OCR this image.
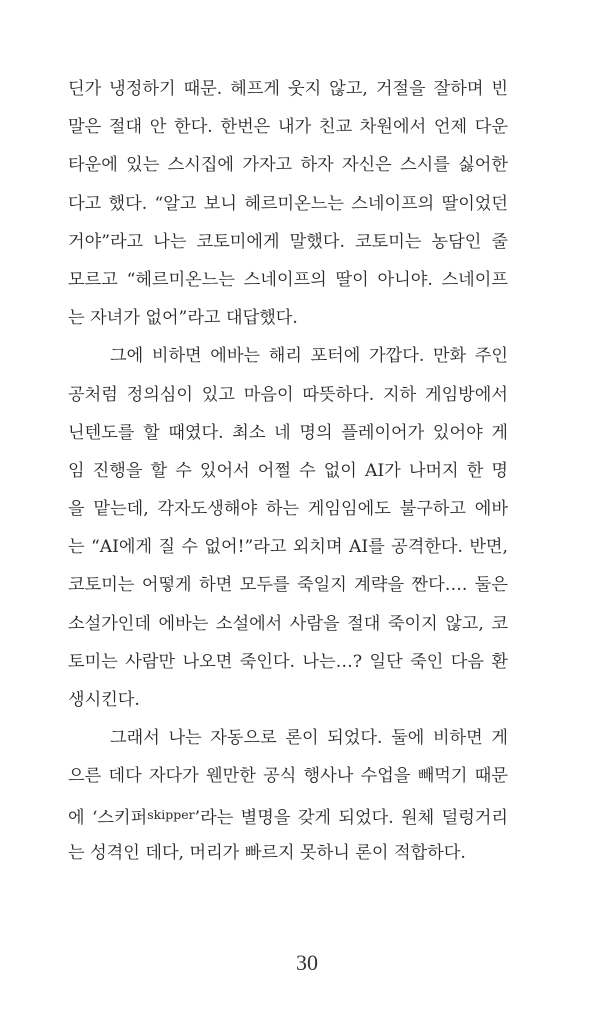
딘가 냉정하기 때문. 헤프게 웃지 않고, 거절을 잘하며 빈
말은 절대 안 한다. 한번은 내가 친교 차원에서 언제 다운
타운에 있는 스시집에 가자고 하자 자신은 스시를 싫어한
다고 했다. “알고 보니 헤르미온느는 스네이프의 딸이었던
거야”라고 나는 코토미에게 말했다. 코토미는 농담인 줄
모르고 “헤르미온느는 스네이프의 딸이 아니야. 스네이프
는 자녀가 없어”라고 대답했다.
그에 비하면 에바는 해리 포터에 가깝다. 만화 주인
공처럼 정의심이 있고 마음이 따뜻하다. 지하 게임방에서
닌텐도를 할 때였다. 최소 네 명의 플레이어가 있어야 게
임 진행을 할 수 있어서 어쩔 수 없이 AI가 나머지 한 명
을 맡는데, 각자도생해야 하는 게임임에도 불구하고 에바
는 “AI에게 질 수 없어!”라고 외치며 AI를 공격한다. 반면,
코토미는 어떻게 하면 모두를 죽일지 계략을 짠다…. 둘은
소설가인데 에바는 소설에서 사람을 절대 죽이지 않고, 코
토미는 사람만 나오면 죽인다. 나는…? 일단 죽인 다음 환
생시킨다.
그래서 나는 자동으로 론이 되었다. 둘에 비하면 게
으른 데다 자다가 웬만한 공식 행사나 수업을 빼먹기 때문
에 ‘스키퍼$^{skipper}$’라는 별명을 갖게 되었다. 원체 덜렁거리
는 성격인 데다, 머리가 빠르지 못하니 론이 적합하다.
30
